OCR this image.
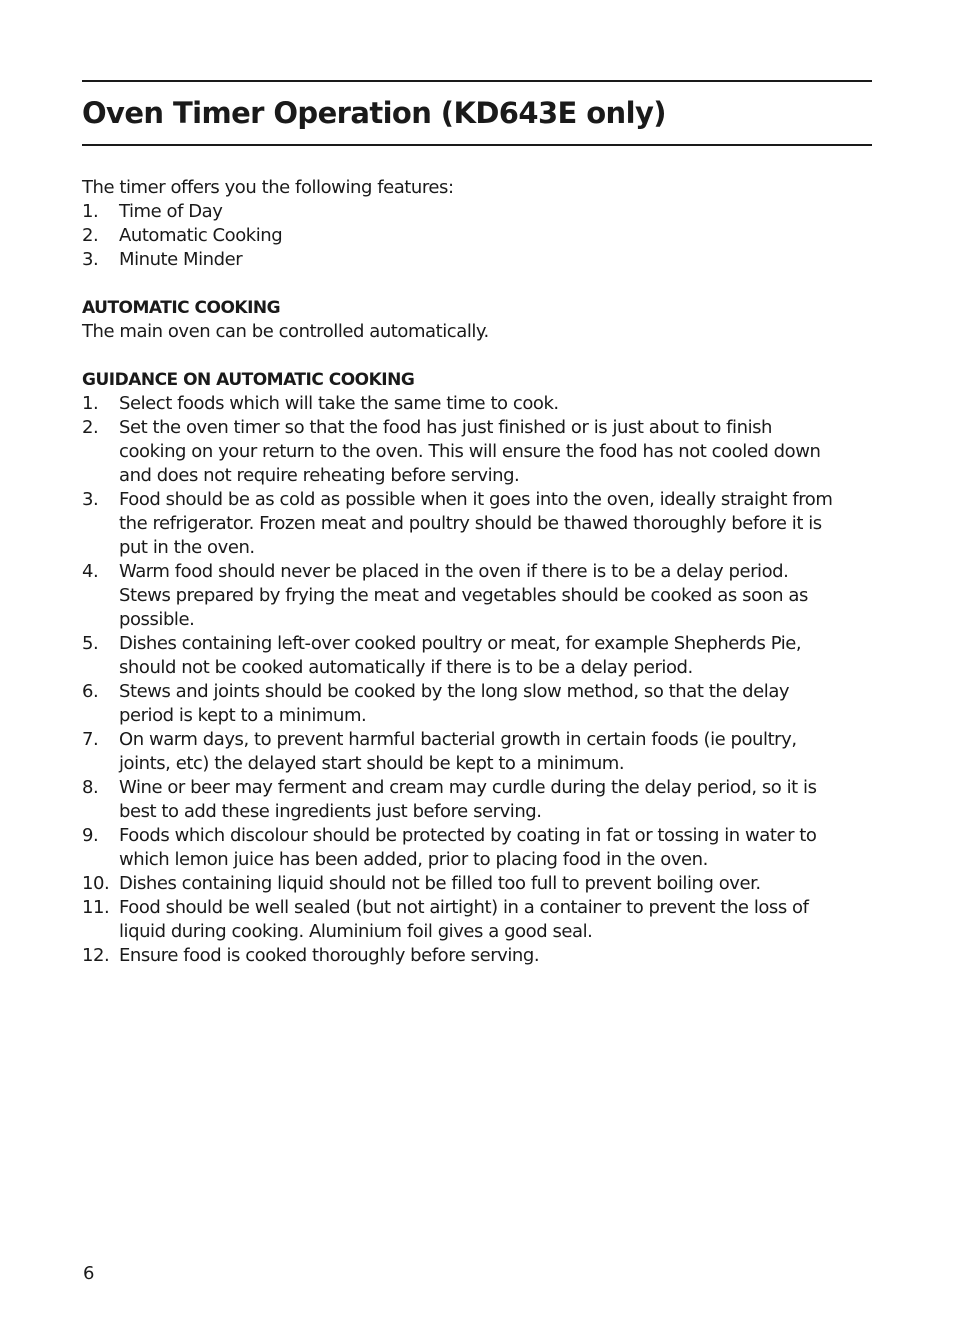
Oven Timer Operation (KD643E only)
The timer offers you the following features:
1.	Time of Day
2.	Automatic Cooking
3.	Minute Minder
AUTOMATIC COOKING
The main oven can be controlled automatically.
GUIDANCE ON AUTOMATIC COOKING
1.	Select foods which will take the same time to cook.
2.	Set the oven timer so that the food has just finished or is just about to finish cooking on your return to the oven. This will ensure the food has not cooled down and does not require reheating before serving.
3.	Food should be as cold as possible when it goes into the oven, ideally straight from the refrigerator. Frozen meat and poultry should be thawed thoroughly before it is put in the oven.
4.	Warm food should never be placed in the oven if there is to be a delay period. Stews prepared by frying the meat and vegetables should be cooked as soon as possible.
5.	Dishes containing left-over cooked poultry or meat, for example Shepherds Pie, should not be cooked automatically if there is to be a delay period.
6.	Stews and joints should be cooked by the long slow method, so that the delay period is kept to a minimum.
7.	On warm days, to prevent harmful bacterial growth in certain foods (ie poultry, joints, etc) the delayed start should be kept to a minimum.
8.	Wine or beer may ferment and cream may curdle during the delay period, so it is best to add these ingredients just before serving.
9.	Foods which discolour should be protected by coating in fat or tossing in water to which lemon juice has been added, prior to placing food in the oven.
10. Dishes containing liquid should not be filled too full to prevent boiling over.
11. Food should be well sealed (but not airtight) in a container to prevent the loss of liquid during cooking. Aluminium foil gives a good seal.
12. Ensure food is cooked thoroughly before serving.
6
